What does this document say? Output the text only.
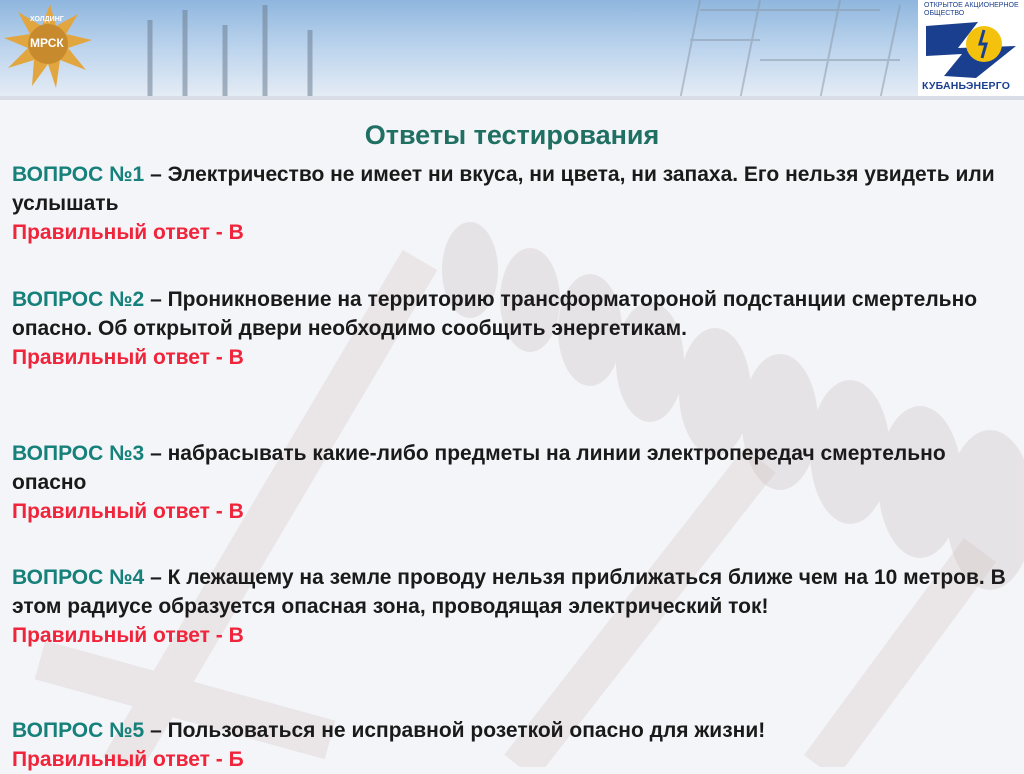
ХОЛДИНГ
МРСК
ОТКРЫТОЕ АКЦИОНЕРНОЕ
ОБЩЕСТВО
КУБАНЬЭНЕРГО
Ответы тестирования
ВОПРОС №1 – Электричество не имеет ни вкуса, ни цвета, ни запаха. Его нельзя увидеть или услышать
Правильный ответ - В
ВОПРОС №2 – Проникновение на территорию трансформатороной подстанции смертельно опасно. Об открытой двери необходимо сообщить энергетикам.
Правильный ответ - В
ВОПРОС №3 – набрасывать какие-либо предметы на линии электропередач смертельно опасно
Правильный ответ - В
ВОПРОС №4 – К лежащему на земле проводу нельзя приближаться ближе чем на 10 метров. В этом радиусе образуется опасная зона, проводящая электрический ток!
Правильный ответ - В
ВОПРОС №5 – Пользоваться не исправной розеткой опасно для жизни!
Правильный ответ - Б
